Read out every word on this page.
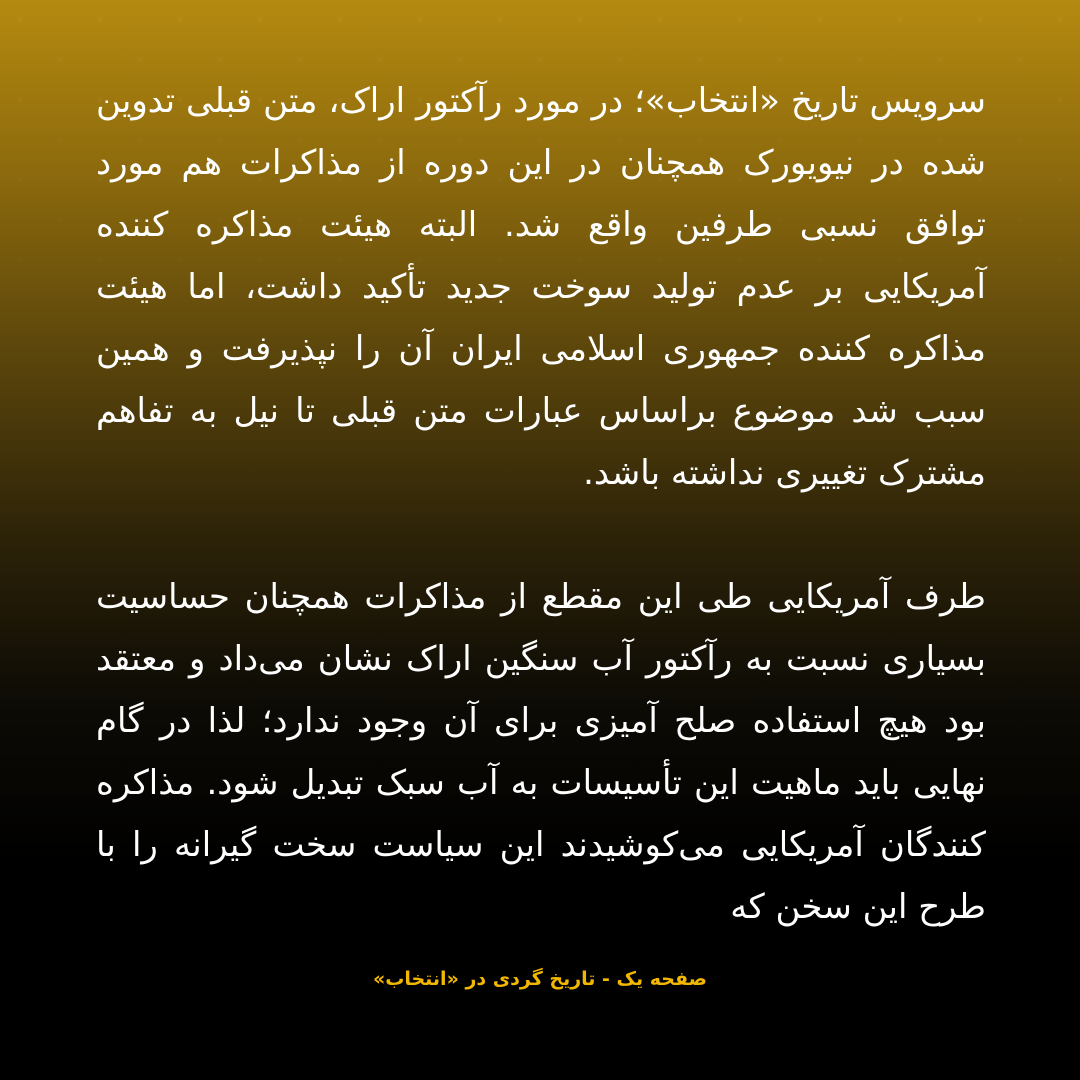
سرویس تاریخ «انتخاب»؛ در مورد رآکتور اراک، متن قبلی تدوین شده در نیویورک همچنان در این دوره از مذاکرات هم مورد توافق نسبی طرفین واقع شد. البته هیئت مذاکره کننده آمریکایی بر عدم تولید سوخت جدید تأکید داشت، اما هیئت مذاکره کننده جمهوری اسلامی ایران آن را نپذیرفت و همین سبب شد موضوع براساس عبارات متن قبلی تا نیل به تفاهم مشترک تغییری نداشته باشد.

طرف آمریکایی طی این مقطع از مذاکرات همچنان حساسیت بسیاری نسبت به رآکتور آب سنگین اراک نشان می‌داد و معتقد بود هیچ استفاده صلح آمیزی برای آن وجود ندارد؛ لذا در گام نهایی باید ماهیت این تأسیسات به آب سبک تبدیل شود. مذاکره کنندگان آمریکایی می‌کوشیدند این سیاست سخت گیرانه را با طرح این سخن که

صفحه یک - تاریخ گردی در «انتخاب»
